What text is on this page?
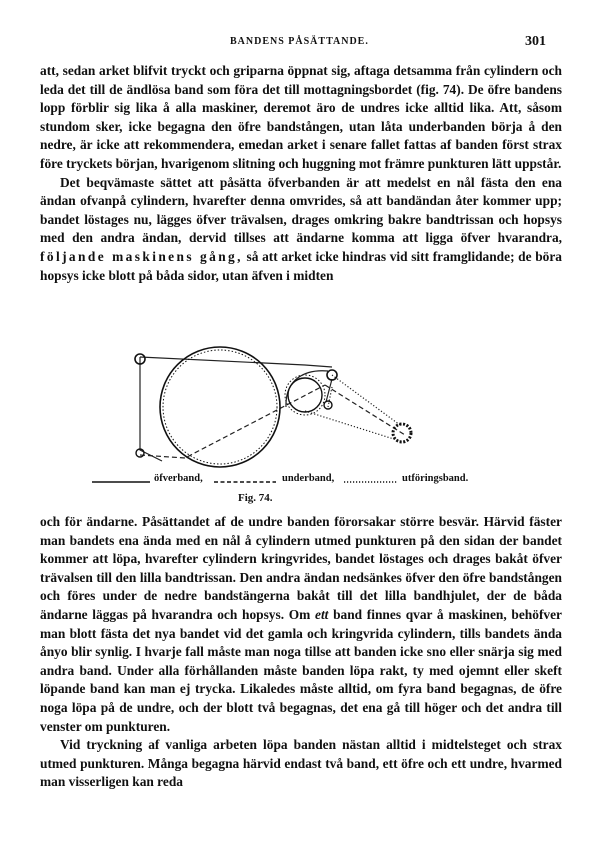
BANDENS PÅSÄTTANDE.	301

att, sedan arket blifvit tryckt och griparna öppnat sig, aftaga detsamma från cylindern och leda det till de ändlösa band som föra det till mottagningsbordet (fig. 74). De öfre bandens lopp förblir sig lika å alla maskiner, deremot äro de undres icke alltid lika. Att, såsom stundom sker, icke begagna den öfre bandstången, utan låta underbanden börja å den nedre, är icke att rekommendera, emedan arket i senare fallet fattas af banden först strax före tryckets början, hvarigenom slitning och huggning mot främre punkturen lätt uppstår.

Det beqvämaste sättet att påsätta öfverbanden är att medelst en nål fästa den ena ändan ofvanpå cylindern, hvarefter denna omvrides, så att bandändan åter kommer upp; bandet löstages nu, lägges öfver trävalsen, drages omkring bakre bandtrissan och hopsys med den andra ändan, dervid tillses att ändarne komma att ligga öfver hvarandra, följande maskinens gång, så att arket icke hindras vid sitt framglidande; de böra hopsys icke blott på båda sidor, utan äfven i midten

öfverband,	underband,	utföringsband.
Fig. 74.

och för ändarne. Påsättandet af de undre banden förorsakar större besvär. Härvid fäster man bandets ena ända med en nål å cylindern utmed punkturen på den sidan der bandet kommer att löpa, hvarefter cylindern kringvrides, bandet löstages och drages bakåt öfver trävalsen till den lilla bandtrissan. Den andra ändan nedsänkes öfver den öfre bandstången och föres under de nedre bandstängerna bakåt till det lilla bandhjulet, der de båda ändarne läggas på hvarandra och hopsys. Om ett band finnes qvar å maskinen, behöfver man blott fästa det nya bandet vid det gamla och kringvrida cylindern, tills bandets ända ånyo blir synlig. I hvarje fall måste man noga tillse att banden icke sno eller snärja sig med andra band. Under alla förhållanden måste banden löpa rakt, ty med ojemnt eller skeft löpande band kan man ej trycka. Likaledes måste alltid, om fyra band begagnas, de öfre noga löpa på de undre, och der blott två begagnas, det ena gå till höger och det andra till venster om punkturen.

Vid tryckning af vanliga arbeten löpa banden nästan alltid i midtelsteget och strax utmed punkturen. Många begagna härvid endast två band, ett öfre och ett undre, hvarmed man visserligen kan reda
